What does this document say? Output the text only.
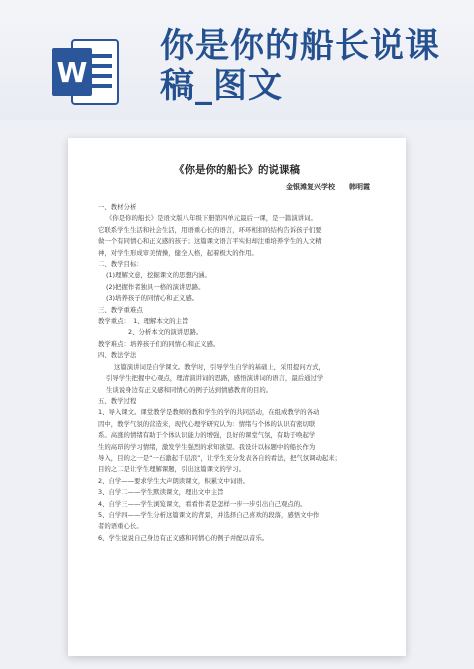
W
你是你的船长说课
稿_图文
《你是你的船长》的说课稿
金银滩复兴学校　　韩明霞

一、教材分析

《你是你的船长》是语文版八年级下册第四单元最后一课，是一篇演讲词。

它联系学生生活和社会生活，用语重心长的语言，环环相扣的结构告诉孩子们要

做一个有同情心和正义感的孩子；这篇课文语言平实但却注重培养学生的人文精

神，对学生形成审美情操，健全人格，起着极大的作用。

二、教学目标：

(1)理解文意，挖掘课文的思想内涵。

(2)把握作者独具一格的演讲思路。

(3)培养孩子的同情心和正义感。

三、教学重难点

教学重点：　1、理解本文的主旨

2、分析本文的演讲思路。

教学难点：培养孩子们的同情心和正义感。

四、教法学法

这篇演讲词是自学课文。教学时，引导学生自学的基础上，采用提问方式，

引导学生把握中心观点，理清演讲词的思路，感悟演讲词的语言，最后通过学

生谈说身边有正义感和同情心的例子达到情感教育的目的。

五、教学过程

1、导入课文。课堂教学是教师的教和学生的学的共同活动，在组成教学的各动

因中，教学气氛的营造来，现代心理学研究认为：情绪与个体的认识有密切联

系。高涨的情绪有助于个体认识能力的增强，良好的课堂气氛，有助于唤起学

生的高昂的学习情绪，激发学生强烈的求知欲望。我设计以标题中的船长作为

导入，目的之一是“一石激起千层浪”，让学生充分发表各自的看法，把气氛调动起来；

目的之二是让学生理解课题，引出这篇课文的学习。

2、自学——要求学生大声朗读课文，积累文中词语。

3、自学二——学生默读课文，理出文中主旨

4、自学三——学生浏览课文，看看作者是怎样一步一步引出自己观点的。

5、自学四——学生分析这篇课文的背景，并选择自己喜欢的段落，感悟文中作

者的语重心长。

6、学生说说自己身边有正义感和同情心的例子并配以音乐。
